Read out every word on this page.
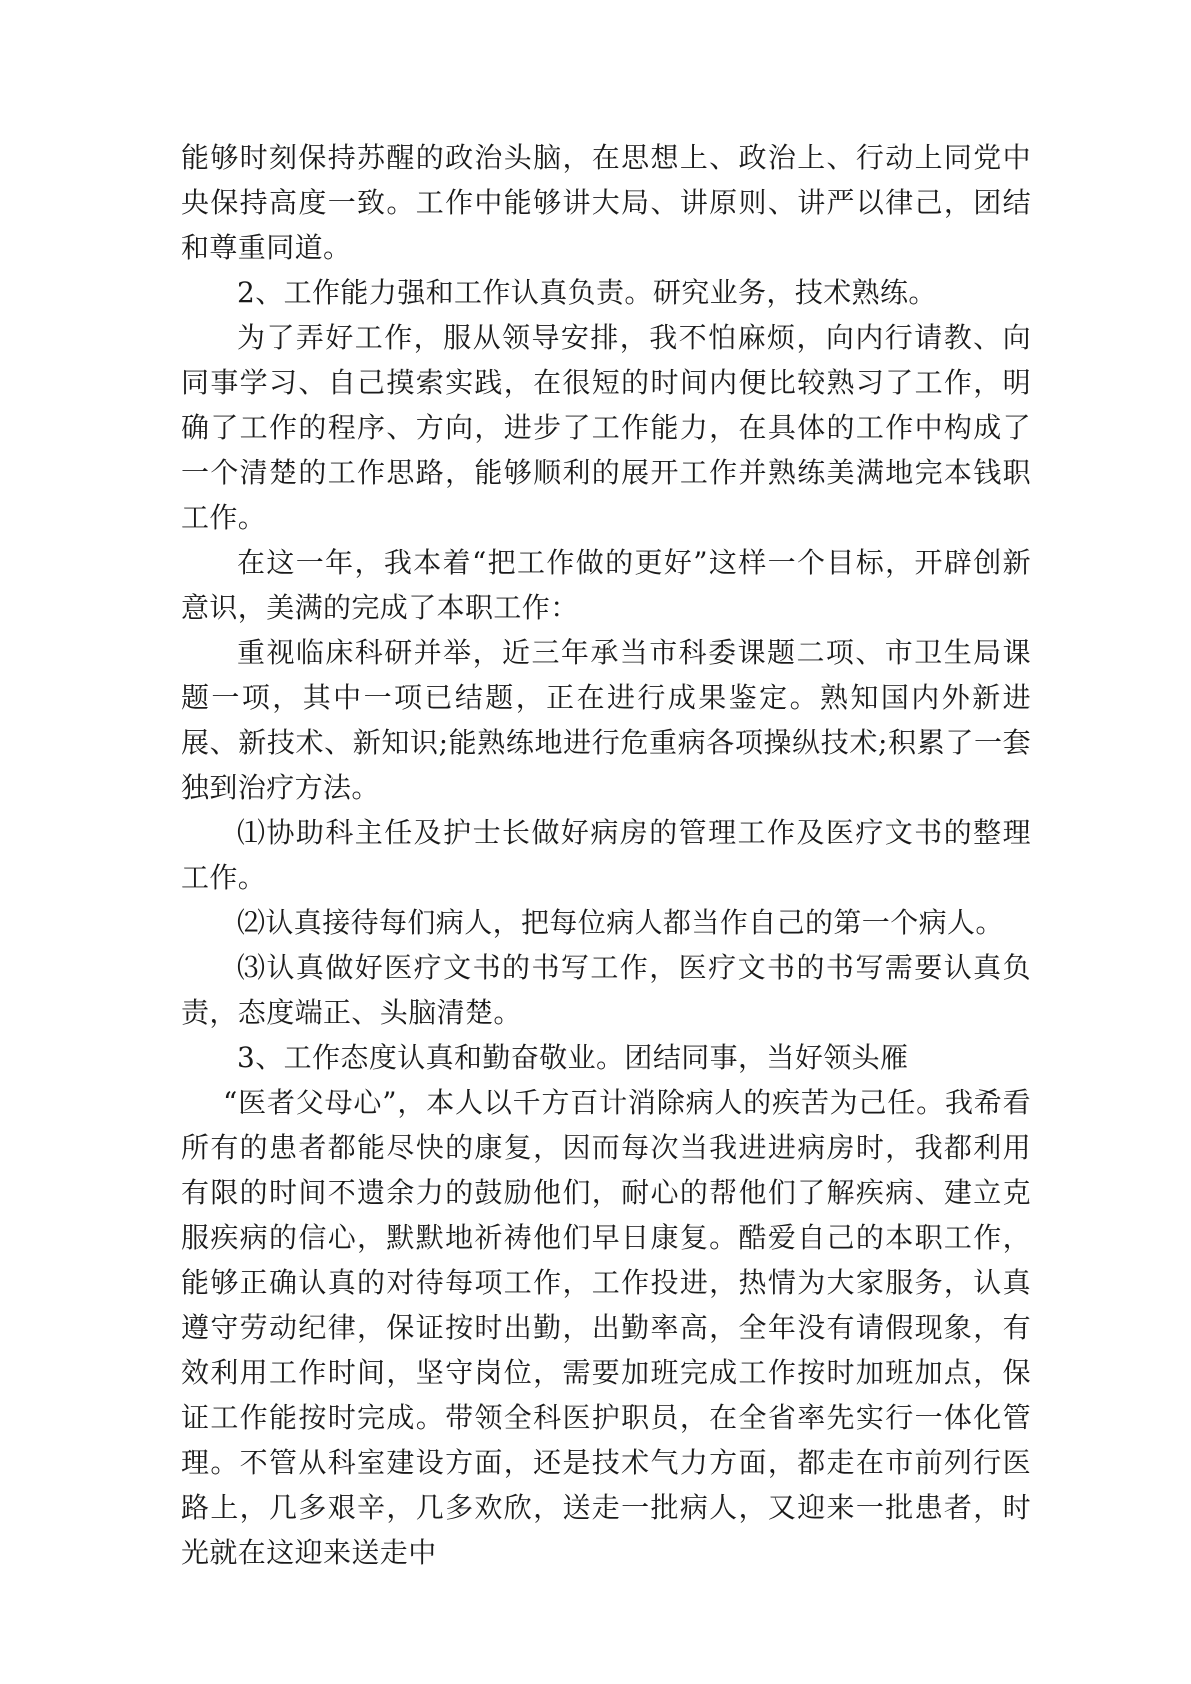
能够时刻保持苏醒的政治头脑，在思想上、政治上、行动上同党中央保持高度一致。工作中能够讲大局、讲原则、讲严以律己，团结和尊重同道。

2、工作能力强和工作认真负责。研究业务，技术熟练。

为了弄好工作，服从领导安排，我不怕麻烦，向内行请教、向同事学习、自己摸索实践，在很短的时间内便比较熟习了工作，明确了工作的程序、方向，进步了工作能力，在具体的工作中构成了一个清楚的工作思路，能够顺利的展开工作并熟练美满地完本钱职工作。

在这一年，我本着“把工作做的更好”这样一个目标，开辟创新意识，美满的完成了本职工作：

重视临床科研并举，近三年承当市科委课题二项、市卫生局课题一项，其中一项已结题，正在进行成果鉴定。熟知国内外新进展、新技术、新知识;能熟练地进行危重病各项操纵技术;积累了一套独到治疗方法。

⑴协助科主任及护士长做好病房的管理工作及医疗文书的整理工作。

⑵认真接待每们病人，把每位病人都当作自己的第一个病人。

⑶认真做好医疗文书的书写工作，医疗文书的书写需要认真负责，态度端正、头脑清楚。

3、工作态度认真和勤奋敬业。团结同事，当好领头雁

“医者父母心”，本人以千方百计消除病人的疾苦为己任。我希看所有的患者都能尽快的康复，因而每次当我进进病房时，我都利用有限的时间不遗余力的鼓励他们，耐心的帮他们了解疾病、建立克服疾病的信心，默默地祈祷他们早日康复。酷爱自己的本职工作，能够正确认真的对待每项工作，工作投进，热情为大家服务，认真遵守劳动纪律，保证按时出勤，出勤率高，全年没有请假现象，有效利用工作时间，坚守岗位，需要加班完成工作按时加班加点，保证工作能按时完成。带领全科医护职员，在全省率先实行一体化管理。不管从科室建设方面，还是技术气力方面，都走在市前列行医路上，几多艰辛，几多欢欣，送走一批病人，又迎来一批患者，时光就在这迎来送走中
